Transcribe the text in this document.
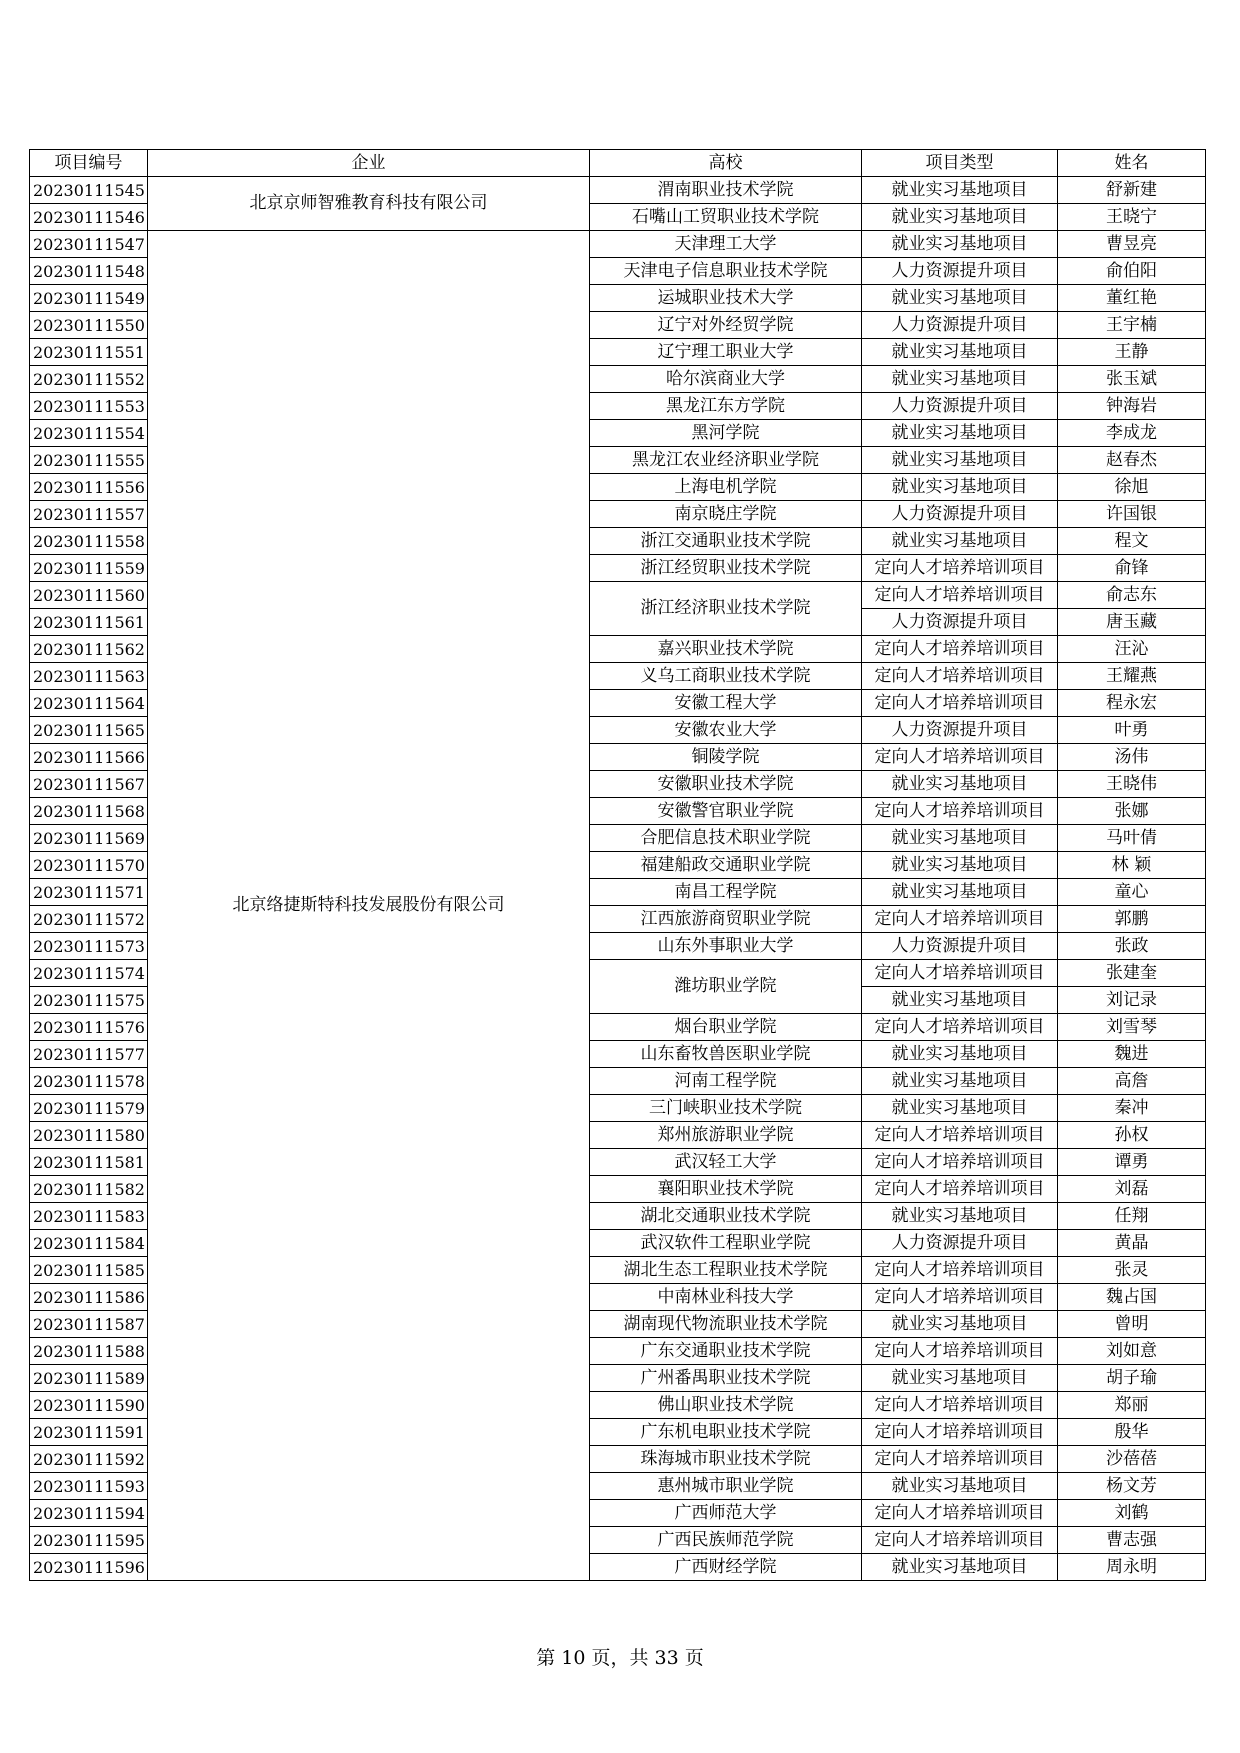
项目编号	企业	高校	项目类型	姓名
20230111545	北京京师智雅教育科技有限公司	渭南职业技术学院	就业实习基地项目	舒新建
20230111546		石嘴山工贸职业技术学院	就业实习基地项目	王晓宁
20230111547	北京络捷斯特科技发展股份有限公司	天津理工大学	就业实习基地项目	曹昱亮
20230111548		天津电子信息职业技术学院	人力资源提升项目	俞伯阳
20230111549		运城职业技术大学	就业实习基地项目	董红艳
20230111550		辽宁对外经贸学院	人力资源提升项目	王宇楠
20230111551		辽宁理工职业大学	就业实习基地项目	王静
20230111552		哈尔滨商业大学	就业实习基地项目	张玉斌
20230111553		黑龙江东方学院	人力资源提升项目	钟海岩
20230111554		黑河学院	就业实习基地项目	李成龙
20230111555		黑龙江农业经济职业学院	就业实习基地项目	赵春杰
20230111556		上海电机学院	就业实习基地项目	徐旭
20230111557		南京晓庄学院	人力资源提升项目	许国银
20230111558		浙江交通职业技术学院	就业实习基地项目	程文
20230111559		浙江经贸职业技术学院	定向人才培养培训项目	俞锋
20230111560		浙江经济职业技术学院	定向人才培养培训项目	俞志东
20230111561			人力资源提升项目	唐玉藏
20230111562		嘉兴职业技术学院	定向人才培养培训项目	汪沁
20230111563		义乌工商职业技术学院	定向人才培养培训项目	王耀燕
20230111564		安徽工程大学	定向人才培养培训项目	程永宏
20230111565		安徽农业大学	人力资源提升项目	叶勇
20230111566		铜陵学院	定向人才培养培训项目	汤伟
20230111567		安徽职业技术学院	就业实习基地项目	王晓伟
20230111568		安徽警官职业学院	定向人才培养培训项目	张娜
20230111569		合肥信息技术职业学院	就业实习基地项目	马叶倩
20230111570		福建船政交通职业学院	就业实习基地项目	林 颖
20230111571		南昌工程学院	就业实习基地项目	童心
20230111572		江西旅游商贸职业学院	定向人才培养培训项目	郭鹏
20230111573		山东外事职业大学	人力资源提升项目	张政
20230111574		潍坊职业学院	定向人才培养培训项目	张建奎
20230111575			就业实习基地项目	刘记录
20230111576		烟台职业学院	定向人才培养培训项目	刘雪琴
20230111577		山东畜牧兽医职业学院	就业实习基地项目	魏进
20230111578		河南工程学院	就业实习基地项目	高詹
20230111579		三门峡职业技术学院	就业实习基地项目	秦冲
20230111580		郑州旅游职业学院	定向人才培养培训项目	孙权
20230111581		武汉轻工大学	定向人才培养培训项目	谭勇
20230111582		襄阳职业技术学院	定向人才培养培训项目	刘磊
20230111583		湖北交通职业技术学院	就业实习基地项目	任翔
20230111584		武汉软件工程职业学院	人力资源提升项目	黄晶
20230111585		湖北生态工程职业技术学院	定向人才培养培训项目	张灵
20230111586		中南林业科技大学	定向人才培养培训项目	魏占国
20230111587		湖南现代物流职业技术学院	就业实习基地项目	曾明
20230111588		广东交通职业技术学院	定向人才培养培训项目	刘如意
20230111589		广州番禺职业技术学院	就业实习基地项目	胡子瑜
20230111590		佛山职业技术学院	定向人才培养培训项目	郑丽
20230111591		广东机电职业技术学院	定向人才培养培训项目	殷华
20230111592		珠海城市职业技术学院	定向人才培养培训项目	沙蓓蓓
20230111593		惠州城市职业学院	就业实习基地项目	杨文芳
20230111594		广西师范大学	定向人才培养培训项目	刘鹤
20230111595		广西民族师范学院	定向人才培养培训项目	曹志强
20230111596		广西财经学院	就业实习基地项目	周永明
第 10 页，共 33 页
